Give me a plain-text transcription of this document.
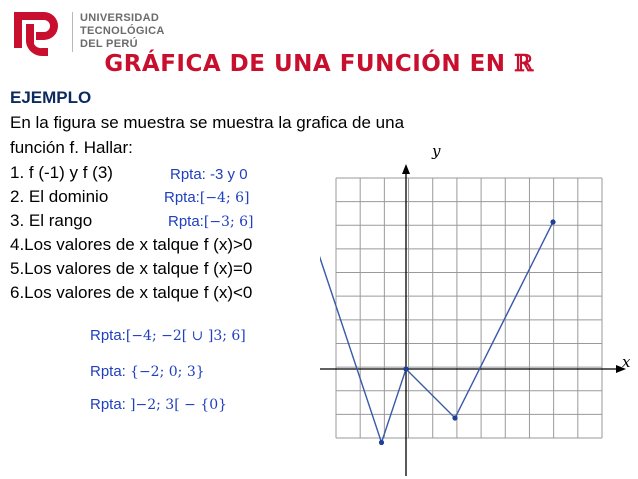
UNIVERSIDAD
TECNOLÓGICA
DEL PERÚ
GRÁFICA DE UNA FUNCIÓN EN ℝ
EJEMPLO
En la figura se muestra se muestra la grafica de una
función f. Hallar:
1. f (-1) y f (3)
2. El dominio
3. El rango
4.Los valores de x talque f (x)>0
5.Los valores de x talque f (x)=0
6.Los valores de x talque f (x)<0
Rpta: -3 y 0
Rpta:[−4; 6]
Rpta:[−3; 6]
Rpta:[−4; −2[ ∪ ]3; 6]
Rpta: {−2; 0; 3}
Rpta: ]−2; 3[ − {0}
x
y
